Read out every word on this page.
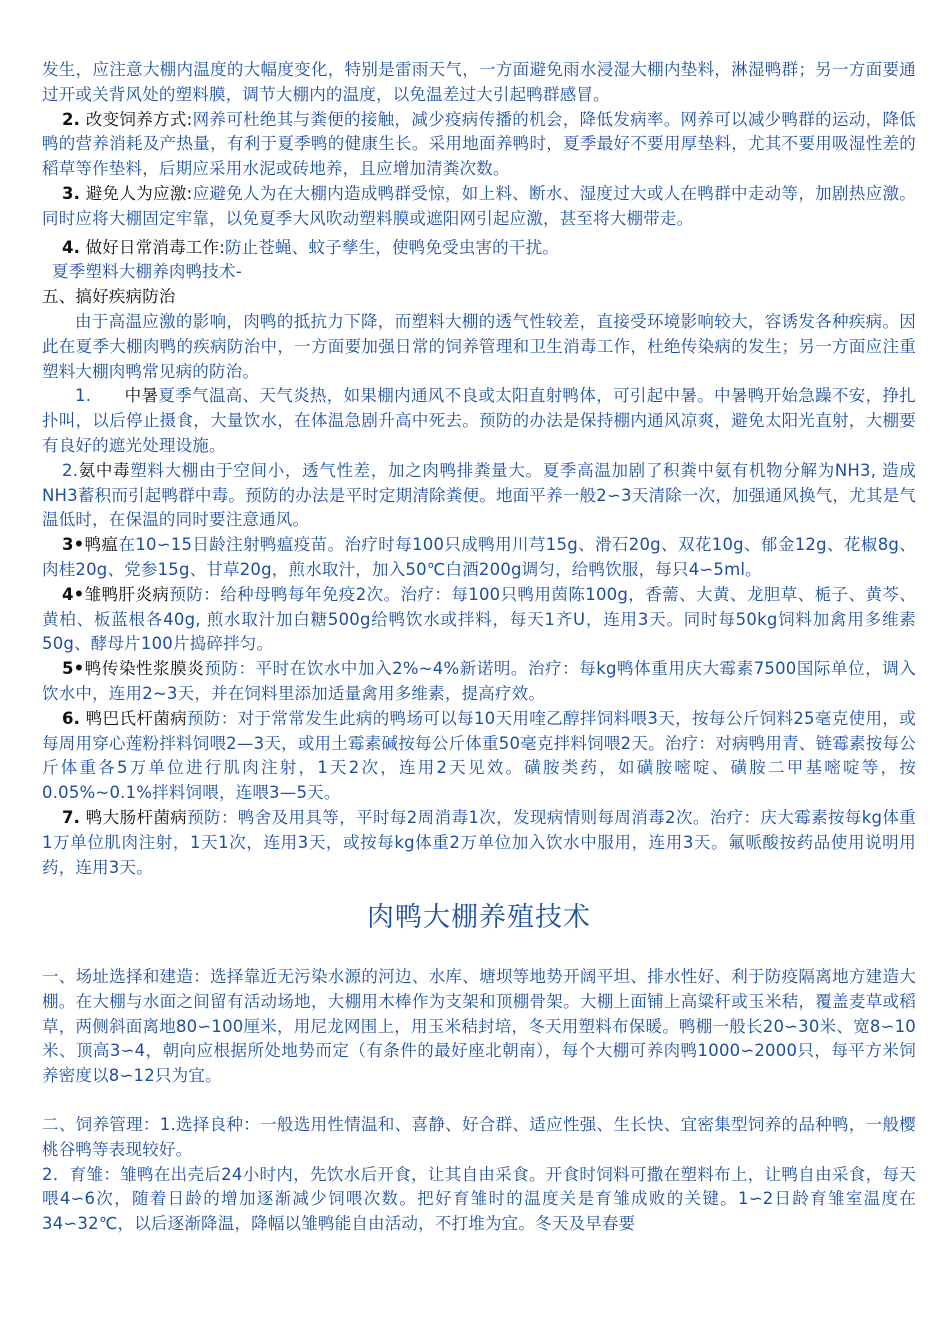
发生，应注意大棚内温度的大幅度变化，特别是雷雨天气，一方面避免雨水浸湿大棚内垫料，淋湿鸭群；另一方面要通过开或关背风处的塑料膜，调节大棚内的温度，以免温差过大引起鸭群感冒。

2. 改变饲养方式:网养可杜绝其与粪便的接触，减少疫病传播的机会，降低发病率。网养可以减少鸭群的运动，降低鸭的营养消耗及产热量，有利于夏季鸭的健康生长。采用地面养鸭时，夏季最好不要用厚垫料，尤其不要用吸湿性差的稻草等作垫料，后期应采用水泥或砖地养，且应增加清粪次数。

3. 避免人为应激:应避免人为在大棚内造成鸭群受惊，如上料、断水、湿度过大或人在鸭群中走动等，加剧热应激。同时应将大棚固定牢靠，以免夏季大风吹动塑料膜或遮阳网引起应激，甚至将大棚带走。

4. 做好日常消毒工作:防止苍蝇、蚊子孳生，使鸭免受虫害的干扰。

夏季塑料大棚养肉鸭技术-

五、搞好疾病防治

由于高温应激的影响，肉鸭的抵抗力下降，而塑料大棚的透气性较差，直接受环境影响较大，容诱发各种疾病。因此在夏季大棚肉鸭的疾病防治中，一方面要加强日常的饲养管理和卫生消毒工作，杜绝传染病的发生；另一方面应注重塑料大棚肉鸭常见病的防治。

1. 中暑夏季气温高、天气炎热，如果棚内通风不良或太阳直射鸭体，可引起中暑。中暑鸭开始急躁不安，挣扎扑叫，以后停止摄食，大量饮水，在体温急剧升高中死去。预防的办法是保持棚内通风凉爽，避免太阳光直射，大棚要有良好的遮光处理设施。

2.氨中毒塑料大棚由于空间小，透气性差，加之肉鸭排粪量大。夏季高温加剧了积粪中氨有机物分解为NH3, 造成NH3蓄积而引起鸭群中毒。预防的办法是平时定期清除粪便。地面平养一般2∽3天清除一次，加强通风换气，尤其是气温低时，在保温的同时要注意通风。

3•鸭瘟在10∽15日龄注射鸭瘟疫苗。治疗时每100只成鸭用川芎15g、滑石20g、双花10g、郁金12g、花椒8g、肉桂20g、党参15g、甘草20g，煎水取汁，加入50℃白酒200g调匀，给鸭饮服，每只4∽5ml。

4•雏鸭肝炎病预防：给种母鸭每年免疫2次。治疗：每100只鸭用茵陈100g，香薷、大黄、龙胆草、栀子、黄芩、黄柏、板蓝根各40g, 煎水取汁加白糖500g给鸭饮水或拌料，每天1齐U，连用3天。同时每50kg饲料加禽用多维素50g、酵母片100片捣碎拌匀。

5•鸭传染性浆膜炎预防：平时在饮水中加入2%~4%新诺明。治疗：每kg鸭体重用庆大霉素7500国际单位，调入饮水中，连用2~3天，并在饲料里添加适量禽用多维素，提高疗效。

6. 鸭巴氏杆菌病预防：对于常常发生此病的鸭场可以每10天用喹乙醇拌饲料喂3天，按每公斤饲料25毫克使用，或每周用穿心莲粉拌料饲喂2—3天，或用土霉素碱按每公斤体重50毫克拌料饲喂2天。治疗：对病鸭用青、链霉素按每公斤体重各5万单位进行肌肉注射，1天2次，连用2天见效。磺胺类药，如磺胺嘧啶、磺胺二甲基嘧啶等，按0.05%~0.1%拌料饲喂，连喂3—5天。

7. 鸭大肠杆菌病预防：鸭舍及用具等，平时每2周消毒1次，发现病情则每周消毒2次。治疗：庆大霉素按每kg体重1万单位肌肉注射，1天1次，连用3天，或按每kg体重2万单位加入饮水中服用，连用3天。氟哌酸按药品使用说明用药，连用3天。

肉鸭大棚养殖技术

一、场址选择和建造：选择靠近无污染水源的河边、水库、塘坝等地势开阔平坦、排水性好、利于防疫隔离地方建造大棚。在大棚与水面之间留有活动场地，大棚用木棒作为支架和顶棚骨架。大棚上面铺上高粱秆或玉米秸，覆盖麦草或稻草，两侧斜面离地80∽100厘米，用尼龙网围上，用玉米秸封培，冬天用塑料布保暖。鸭棚一般长20∽30米、宽8∽10米、顶高3∽4，朝向应根据所处地势而定（有条件的最好座北朝南），每个大棚可养肉鸭1000∽2000只，每平方米饲养密度以8∽12只为宜。

二、饲养管理：1.选择良种：一般选用性情温和、喜静、好合群、适应性强、生长快、宜密集型饲养的品种鸭，一般樱桃谷鸭等表现较好。

2．育雏：雏鸭在出壳后24小时内，先饮水后开食，让其自由采食。开食时饲料可撒在塑料布上，让鸭自由采食，每天喂4∽6次，随着日龄的增加逐渐减少饲喂次数。把好育雏时的温度关是育雏成败的关键。1∽2日龄育雏室温度在34∽32℃，以后逐渐降温，降幅以雏鸭能自由活动，不打堆为宜。冬天及早春要
